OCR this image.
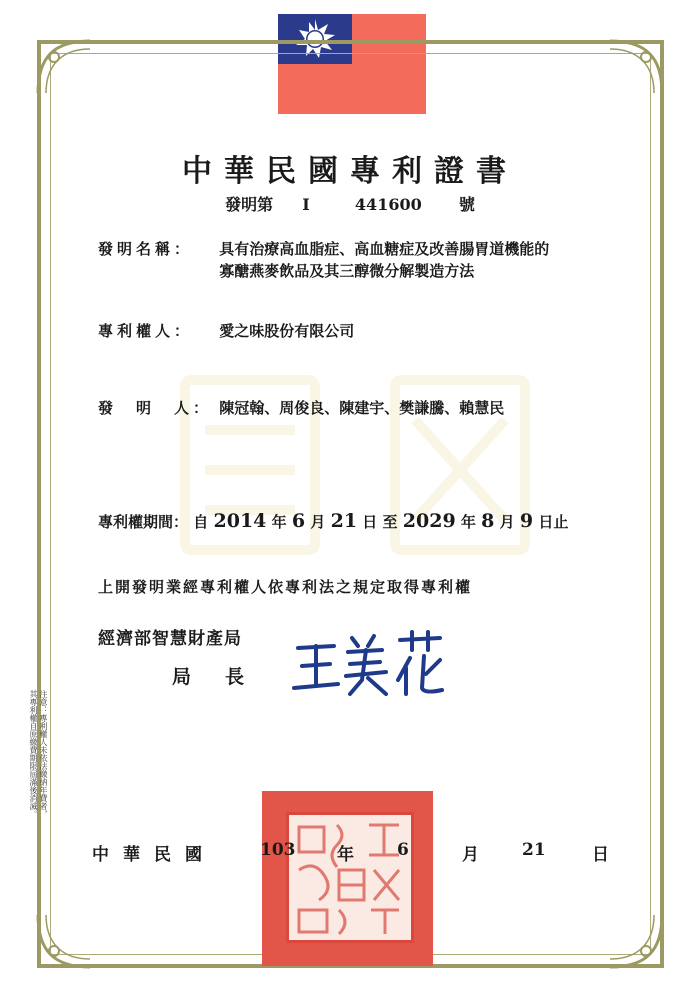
中華民國專利證書
發明第 I	441600 號
發明名稱： 具有治療高血脂症、高血糖症及改善腸胃道機能的
寡醣燕麥飲品及其三醇微分解製造方法
專利權人： 愛之味股份有限公司
發　明　人： 陳冠翰、周俊良、陳建宇、樊謙騰、賴慧民
專利權期間： 自 2014 年 6 月 21 日 至 2029 年 8 月 9 日止
上開發明業經專利權人依專利法之規定取得專利權
經濟部智慧財產局
局長
注意：專利權人未依法繳納年費者，
其專利權自原繳費期限屆滿後消滅。
中華民國	103 年	6	月	21	日
